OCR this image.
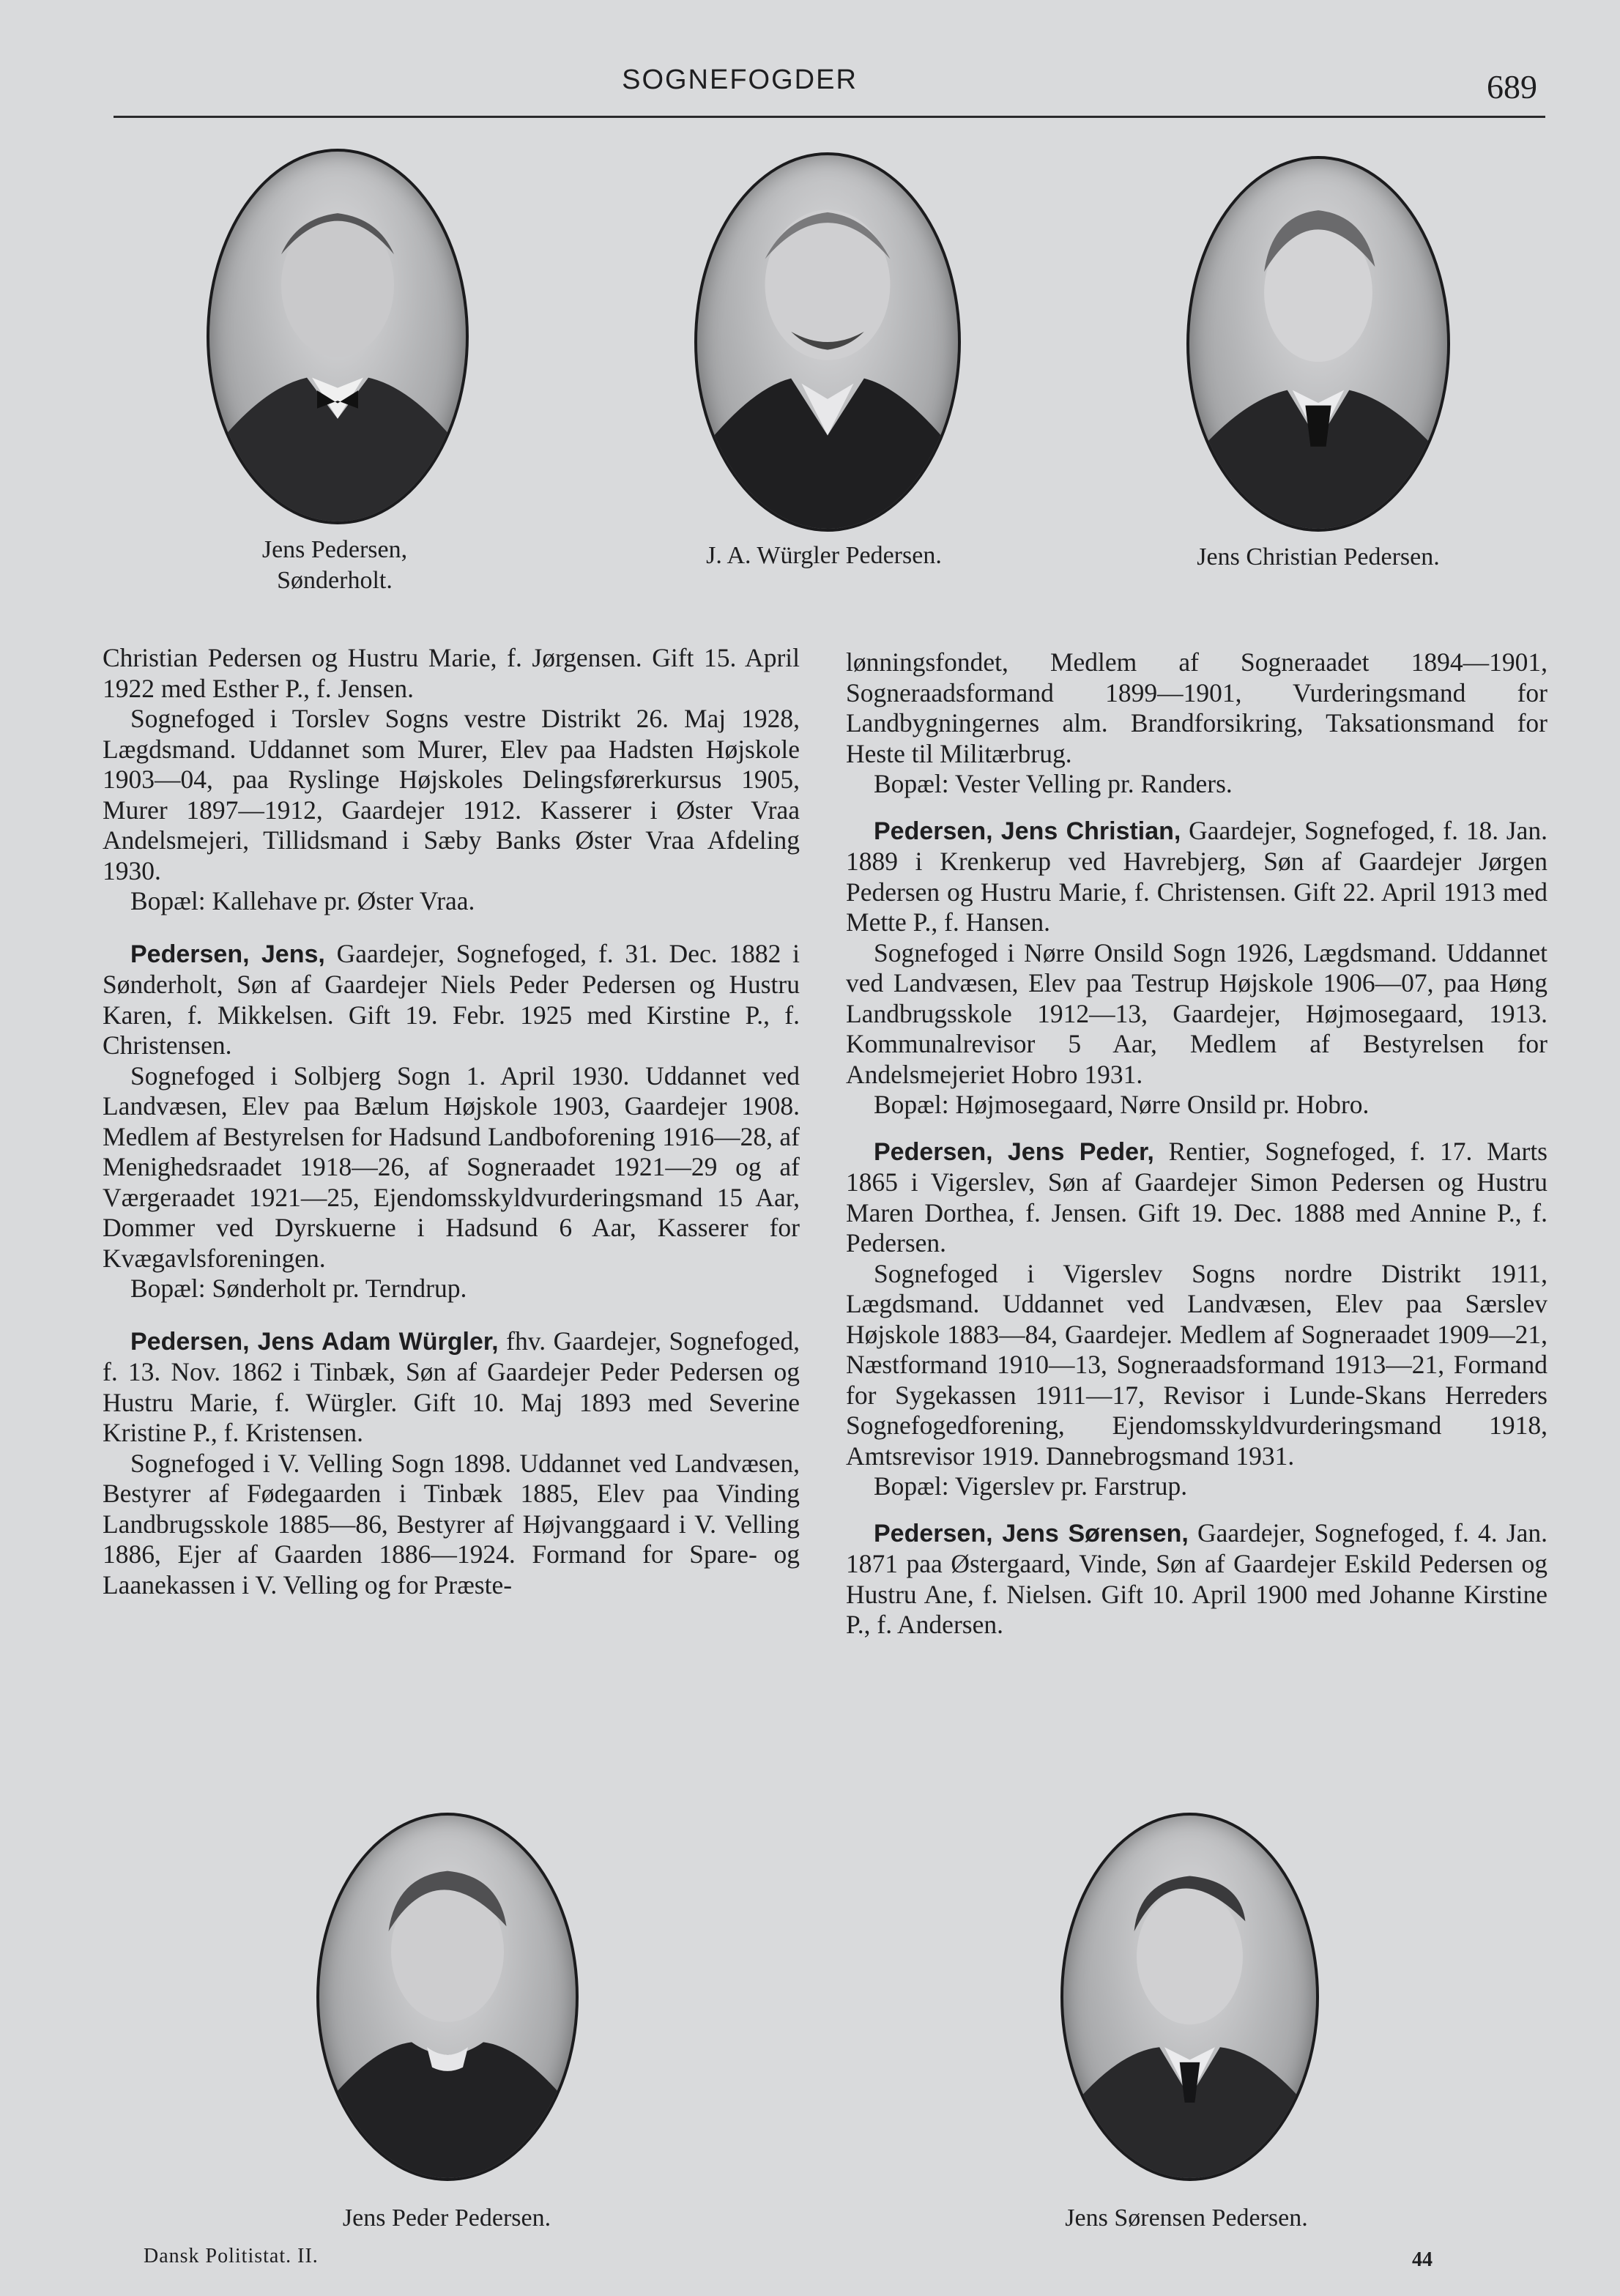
SOGNEFOGDER	689
Jens Pedersen,
Sønderholt.
J. A. Würgler Pedersen.	Jens Christian Pedersen.

Christian Pedersen og Hustru Marie, f. Jørgensen. Gift 15. April 1922 med Esther P., f. Jensen.

Sognefoged i Torslev Sogns vestre Distrikt 26. Maj 1928, Lægdsmand. Uddannet som Murer, Elev paa Hadsten Højskole 1903—04, paa Ryslinge Højskoles Delingsførerkursus 1905, Murer 1897—1912, Gaardejer 1912. Kasserer i Øster Vraa Andelsmejeri, Tillidsmand i Sæby Banks Øster Vraa Afdeling 1930.

Bopæl: Kallehave pr. Øster Vraa.

Pedersen, Jens, Gaardejer, Sognefoged, f. 31. Dec. 1882 i Sønderholt, Søn af Gaardejer Niels Peder Pedersen og Hustru Karen, f. Mikkelsen. Gift 19. Febr. 1925 med Kirstine P., f. Christensen.

Sognefoged i Solbjerg Sogn 1. April 1930. Uddannet ved Landvæsen, Elev paa Bælum Højskole 1903, Gaardejer 1908. Medlem af Bestyrelsen for Hadsund Landboforening 1916—28, af Menighedsraadet 1918—26, af Sogneraadet 1921—29 og af Værgeraadet 1921—25, Ejendomsskyldvurderingsmand 15 Aar, Dommer ved Dyrskuerne i Hadsund 6 Aar, Kasserer for Kvægavlsforeningen.

Bopæl: Sønderholt pr. Terndrup.

Pedersen, Jens Adam Würgler, fhv. Gaardejer, Sognefoged, f. 13. Nov. 1862 i Tinbæk, Søn af Gaardejer Peder Pedersen og Hustru Marie, f. Würgler. Gift 10. Maj 1893 med Severine Kristine P., f. Kristensen.

Sognefoged i V. Velling Sogn 1898. Uddannet ved Landvæsen, Bestyrer af Fødegaarden i Tinbæk 1885, Elev paa Vinding Landbrugsskole 1885—86, Bestyrer af Højvanggaard i V. Velling 1886, Ejer af Gaarden 1886—1924. Formand for Spare- og Laanekassen i V. Velling og for Præste-

lønningsfondet, Medlem af Sogneraadet 1894—1901, Sogneraadsformand 1899—1901, Vurderingsmand for Landbygningernes alm. Brandforsikring, Taksationsmand for Heste til Militærbrug.

Bopæl: Vester Velling pr. Randers.

Pedersen, Jens Christian, Gaardejer, Sognefoged, f. 18. Jan. 1889 i Krenkerup ved Havrebjerg, Søn af Gaardejer Jørgen Pedersen og Hustru Marie, f. Christensen. Gift 22. April 1913 med Mette P., f. Hansen.

Sognefoged i Nørre Onsild Sogn 1926, Lægdsmand. Uddannet ved Landvæsen, Elev paa Testrup Højskole 1906—07, paa Høng Landbrugsskole 1912—13, Gaardejer, Højmosegaard, 1913. Kommunalrevisor 5 Aar, Medlem af Bestyrelsen for Andelsmejeriet Hobro 1931.

Bopæl: Højmosegaard, Nørre Onsild pr. Hobro.

Pedersen, Jens Peder, Rentier, Sognefoged, f. 17. Marts 1865 i Vigerslev, Søn af Gaardejer Simon Pedersen og Hustru Maren Dorthea, f. Jensen. Gift 19. Dec. 1888 med Annine P., f. Pedersen.

Sognefoged i Vigerslev Sogns nordre Distrikt 1911, Lægdsmand. Uddannet ved Landvæsen, Elev paa Særslev Højskole 1883—84, Gaardejer. Medlem af Sogneraadet 1909—21, Næstformand 1910—13, Sogneraadsformand 1913—21, Formand for Sygekassen 1911—17, Revisor i Lunde-Skans Herreders Sognefogedforening, Ejendomsskyldvurderingsmand 1918, Amtsrevisor 1919. Dannebrogsmand 1931.

Bopæl: Vigerslev pr. Farstrup.

Pedersen, Jens Sørensen, Gaardejer, Sognefoged, f. 4. Jan. 1871 paa Østergaard, Vinde, Søn af Gaardejer Eskild Pedersen og Hustru Ane, f. Nielsen. Gift 10. April 1900 med Johanne Kirstine P., f. Andersen.

Jens Peder Pedersen.	Jens Sørensen Pedersen.
Dansk Politistat. II.	44
